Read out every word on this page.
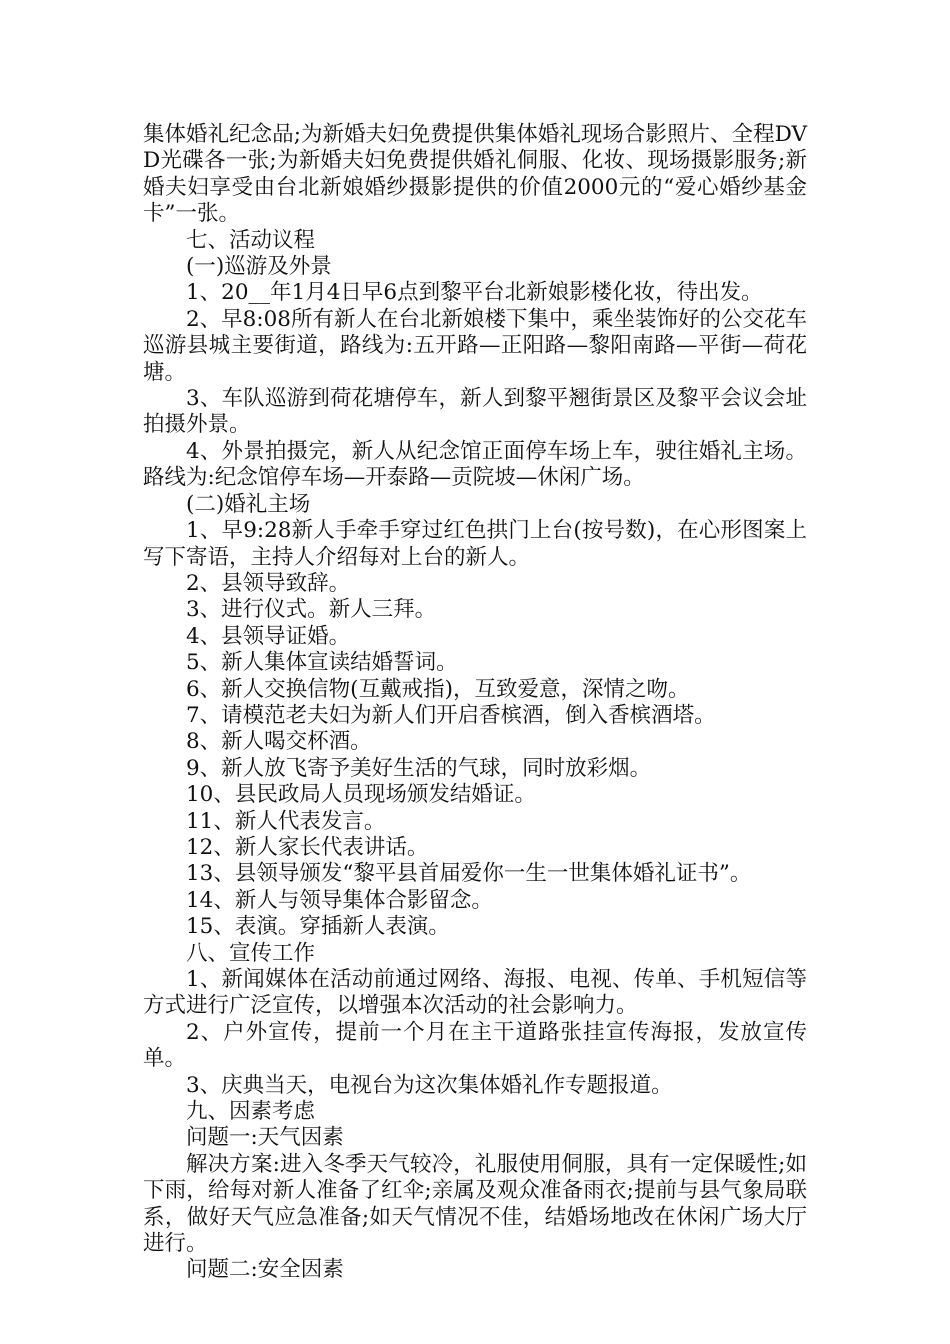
集体婚礼纪念品;为新婚夫妇免费提供集体婚礼现场合影照片、全程DVD光碟各一张;为新婚夫妇免费提供婚礼侗服、化妆、现场摄影服务;新婚夫妇享受由台北新娘婚纱摄影提供的价值2000元的“爱心婚纱基金卡”一张。

七、活动议程

(一)巡游及外景

1、20__年1月4日早6点到黎平台北新娘影楼化妆，待出发。

2、早8:08所有新人在台北新娘楼下集中，乘坐装饰好的公交花车巡游县城主要街道，路线为:五开路—正阳路—黎阳南路—平街—荷花塘。

3、车队巡游到荷花塘停车，新人到黎平翘街景区及黎平会议会址拍摄外景。

4、外景拍摄完，新人从纪念馆正面停车场上车，驶往婚礼主场。路线为:纪念馆停车场—开泰路—贡院坡—休闲广场。

(二)婚礼主场

1、早9:28新人手牵手穿过红色拱门上台(按号数)，在心形图案上写下寄语，主持人介绍每对上台的新人。

2、县领导致辞。

3、进行仪式。新人三拜。

4、县领导证婚。

5、新人集体宣读结婚誓词。

6、新人交换信物(互戴戒指)，互致爱意，深情之吻。

7、请模范老夫妇为新人们开启香槟酒，倒入香槟酒塔。

8、新人喝交杯酒。

9、新人放飞寄予美好生活的气球，同时放彩烟。

10、县民政局人员现场颁发结婚证。

11、新人代表发言。

12、新人家长代表讲话。

13、县领导颁发“黎平县首届爱你一生一世集体婚礼证书”。

14、新人与领导集体合影留念。

15、表演。穿插新人表演。

八、宣传工作

1、新闻媒体在活动前通过网络、海报、电视、传单、手机短信等方式进行广泛宣传，以增强本次活动的社会影响力。

2、户外宣传，提前一个月在主干道路张挂宣传海报，发放宣传单。

3、庆典当天，电视台为这次集体婚礼作专题报道。

九、因素考虑

问题一:天气因素

解决方案:进入冬季天气较冷，礼服使用侗服，具有一定保暖性;如下雨，给每对新人准备了红伞;亲属及观众准备雨衣;提前与县气象局联系，做好天气应急准备;如天气情况不佳，结婚场地改在休闲广场大厅进行。

问题二:安全因素
